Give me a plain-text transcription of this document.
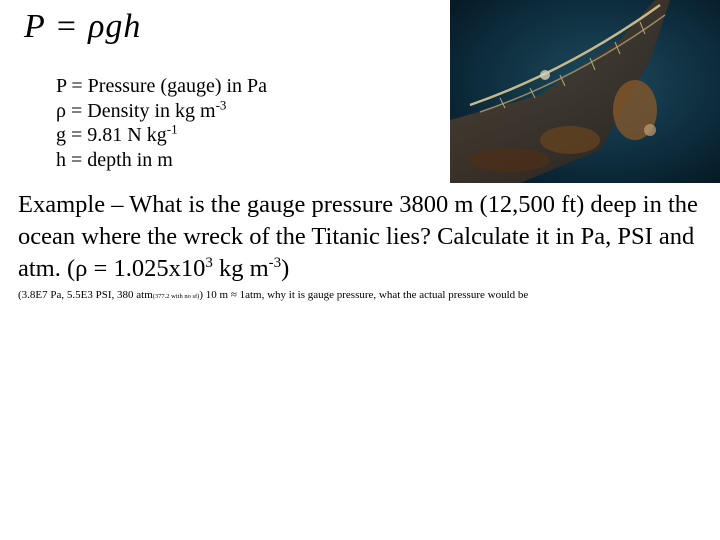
P = ρgh
P = Pressure (gauge) in Pa
ρ = Density in kg $m^{-3}$
g = 9.81 N $kg^{-1}$
h = depth in m
Example – What is the gauge pressure 3800 m (12,500 ft) deep in the ocean where the wreck of the Titanic lies? Calculate it in Pa, PSI and atm. ($\rho = 1.025x10^3$ kg $m^{-3}$)
(3.8E7 Pa, 5.5E3 PSI, 380 atm(377.2 with no sf)) 10 m ≈ 1atm, why it is gauge pressure, what the actual pressure would be
